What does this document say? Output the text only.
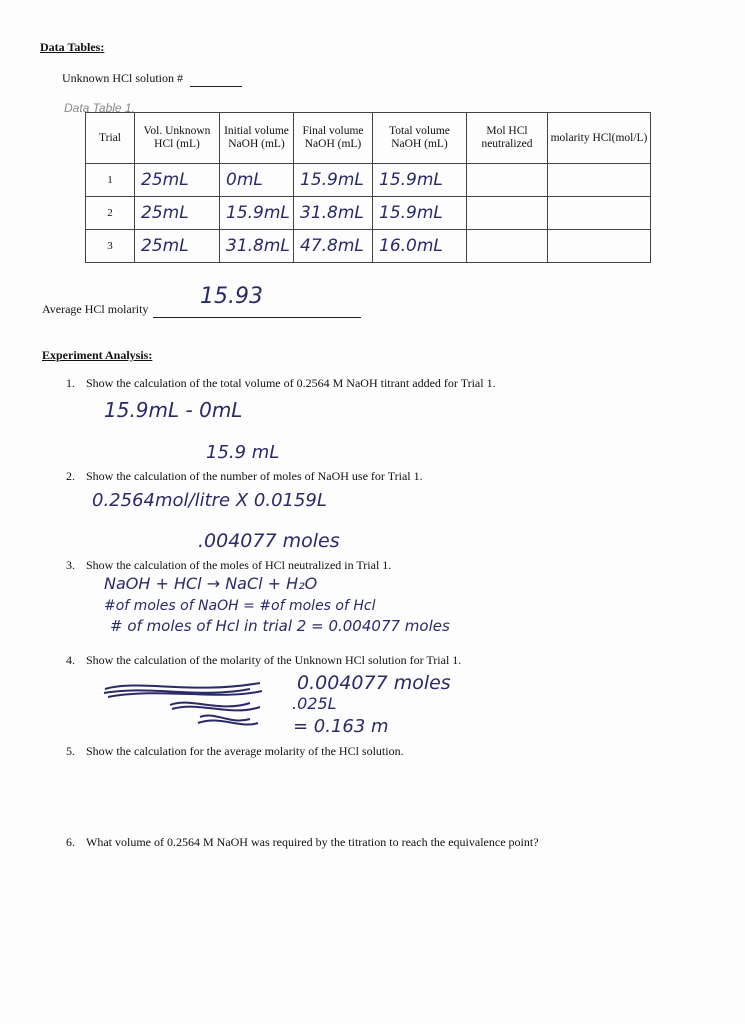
Data Tables:
Unknown HCl solution #
Data Table 1.
Trial	Vol. Unknown HCl (mL)	Initial volume NaOH (mL)	Final volume NaOH (mL)	Total volume NaOH (mL)	Mol HCl neutralized	molarity HCl(mol/L)
1	25mL	0mL	15.9mL	15.9mL		
2	25mL	15.9mL	31.8mL	15.9mL		
3	25mL	31.8mL	47.8mL	16.0mL		
Average HCl molarity	15.93
Experiment Analysis:
1. Show the calculation of the total volume of 0.2564 M NaOH titrant added for Trial 1.
15.9mL - 0mL
15.9 mL
2. Show the calculation of the number of moles of NaOH use for Trial 1.
0.2564mol/litre X 0.0159L
.004077 moles
3. Show the calculation of the moles of HCl neutralized in Trial 1.
NaOH + HCl → NaCl + H₂O
#of moles of NaOH = #of moles of Hcl
# of moles of Hcl in trial 2 = 0.004077 moles
4. Show the calculation of the molarity of the Unknown HCl solution for Trial 1.
0.004077 moles
.025L
= 0.163 m
5. Show the calculation for the average molarity of the HCl solution.
6. What volume of 0.2564 M NaOH was required by the titration to reach the equivalence point?
